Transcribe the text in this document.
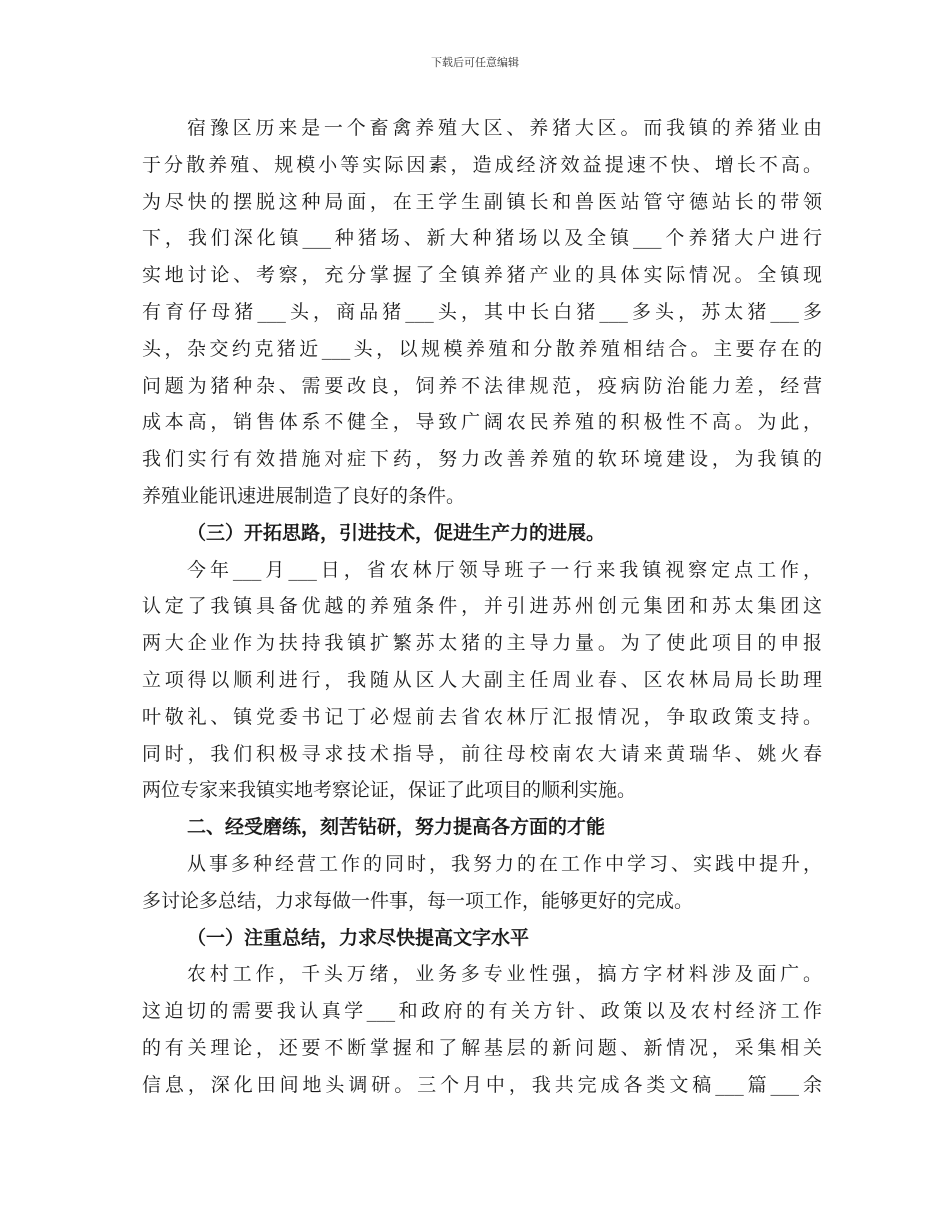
下载后可任意编辑
宿豫区历来是一个畜禽养殖大区、养猪大区。而我镇的养猪业由
于分散养殖、规模小等实际因素，造成经济效益提速不快、增长不高。
为尽快的摆脱这种局面，在王学生副镇长和兽医站管守德站长的带领
下，我们深化镇___种猪场、新大种猪场以及全镇___个养猪大户进行
实地讨论、考察，充分掌握了全镇养猪产业的具体实际情况。全镇现
有育仔母猪___头，商品猪___头，其中长白猪___多头，苏太猪___多
头，杂交约克猪近___头，以规模养殖和分散养殖相结合。主要存在的
问题为猪种杂、需要改良，饲养不法律规范，疫病防治能力差，经营
成本高，销售体系不健全，导致广阔农民养殖的积极性不高。为此，
我们实行有效措施对症下药，努力改善养殖的软环境建设，为我镇的
养殖业能讯速进展制造了良好的条件。
（三）开拓思路，引进技术，促进生产力的进展。
今年___月___日，省农林厅领导班子一行来我镇视察定点工作，
认定了我镇具备优越的养殖条件，并引进苏州创元集团和苏太集团这
两大企业作为扶持我镇扩繁苏太猪的主导力量。为了使此项目的申报
立项得以顺利进行，我随从区人大副主任周业春、区农林局局长助理
叶敬礼、镇党委书记丁必煜前去省农林厅汇报情况，争取政策支持。
同时，我们积极寻求技术指导，前往母校南农大请来黄瑞华、姚火春
两位专家来我镇实地考察论证，保证了此项目的顺利实施。
二、经受磨练，刻苦钻研，努力提高各方面的才能
从事多种经营工作的同时，我努力的在工作中学习、实践中提升，
多讨论多总结，力求每做一件事，每一项工作，能够更好的完成。
（一）注重总结，力求尽快提高文字水平
农村工作，千头万绪，业务多专业性强，搞方字材料涉及面广。
这迫切的需要我认真学___和政府的有关方针、政策以及农村经济工作
的有关理论，还要不断掌握和了解基层的新问题、新情况，采集相关
信息，深化田间地头调研。三个月中，我共完成各类文稿___篇___余
